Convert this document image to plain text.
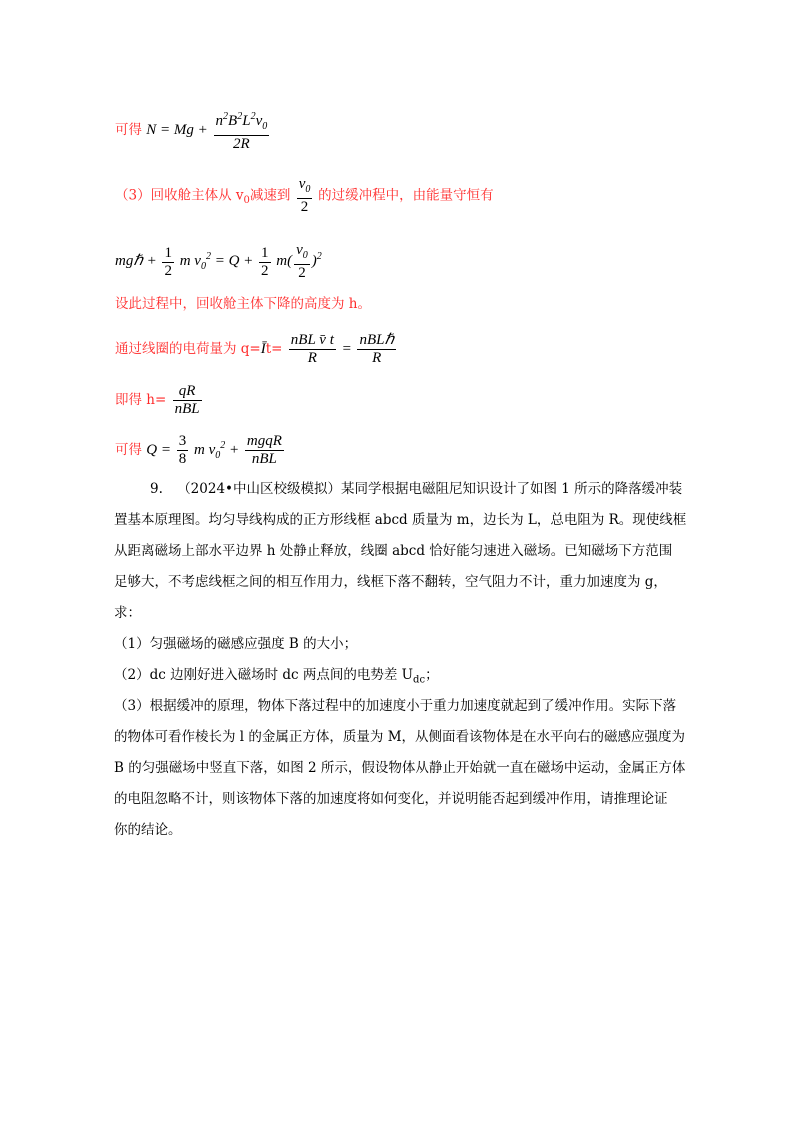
可得 $N = Mg + \frac{n^2B^2L^2v_0}{2R}$
（3）回收舱主体从 $v_0$减速到 $\frac{v_0}{2}$ 的过缓冲程中，由能量守恒有
mgℏ + $\frac{1}{2}$ m $v_0^2 = Q + \frac{1}{2} m( \frac{v_0}{2} )^2$
设此过程中，回收舱主体下降的高度为 h。
通过线圈的电荷量为 q=Īt= $\frac{\text{nBL v̄ t}}{R} = \frac{\text{nBLℏ}}{R}$
即得 $h= \frac{qR}{\text{nBL}}$
可得 $Q = \frac{3}{8}$ m $v_0^2 + \frac{\text{mgqR}}{\text{nBL}}$
9. （2024•中山区校级模拟）某同学根据电磁阻尼知识设计了如图 1 所示的降落缓冲装
置基本原理图。均匀导线构成的正方形线框 abcd 质量为 m，边长为 L，总电阻为 R。现使线框
从距离磁场上部水平边界 h 处静止释放，线圈 abcd 恰好能匀速进入磁场。已知磁场下方范围
足够大，不考虑线框之间的相互作用力，线框下落不翻转，空气阻力不计，重力加速度为 g，
求：
（1）匀强磁场的磁感应强度 B 的大小；
（2）dc 边刚好进入磁场时 dc 两点间的电势差 $U_{dc}$；
（3）根据缓冲的原理，物体下落过程中的加速度小于重力加速度就起到了缓冲作用。实际下落
的物体可看作棱长为 l 的金属正方体，质量为 M，从侧面看该物体是在水平向右的磁感应强度为
B 的匀强磁场中竖直下落，如图 2 所示，假设物体从静止开始就一直在磁场中运动，金属正方体
的电阻忽略不计，则该物体下落的加速度将如何变化，并说明能否起到缓冲作用，请推理论证
你的结论。
